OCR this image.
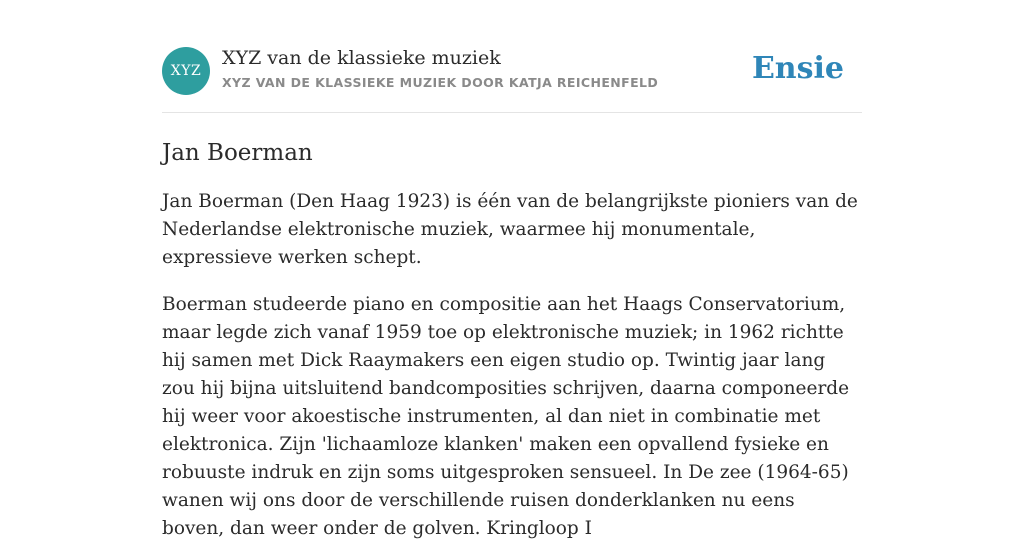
XYZ
XYZ van de klassieke muziek
XYZ VAN DE KLASSIEKE MUZIEK DOOR KATJA REICHENFELD	Ensie
Jan Boerman

Jan Boerman (Den Haag 1923) is één van de belangrijkste pioniers van de Nederlandse elektronische muziek, waarmee hij monumentale, expressieve werken schept.

Boerman studeerde piano en compositie aan het Haags Conservatorium, maar legde zich vanaf 1959 toe op elektronische muziek; in 1962 richtte hij samen met Dick Raaymakers een eigen studio op. Twintig jaar lang zou hij bijna uitsluitend bandcomposities schrijven, daarna componeerde hij weer voor akoestische instrumenten, al dan niet in combinatie met elektronica. Zijn 'lichaamloze klanken' maken een opvallend fysieke en robuuste indruk en zijn soms uitgesproken sensueel. In De zee (1964-65) wanen wij ons door de verschillende ruisen donderklanken nu eens boven, dan weer onder de golven. Kringloop I
